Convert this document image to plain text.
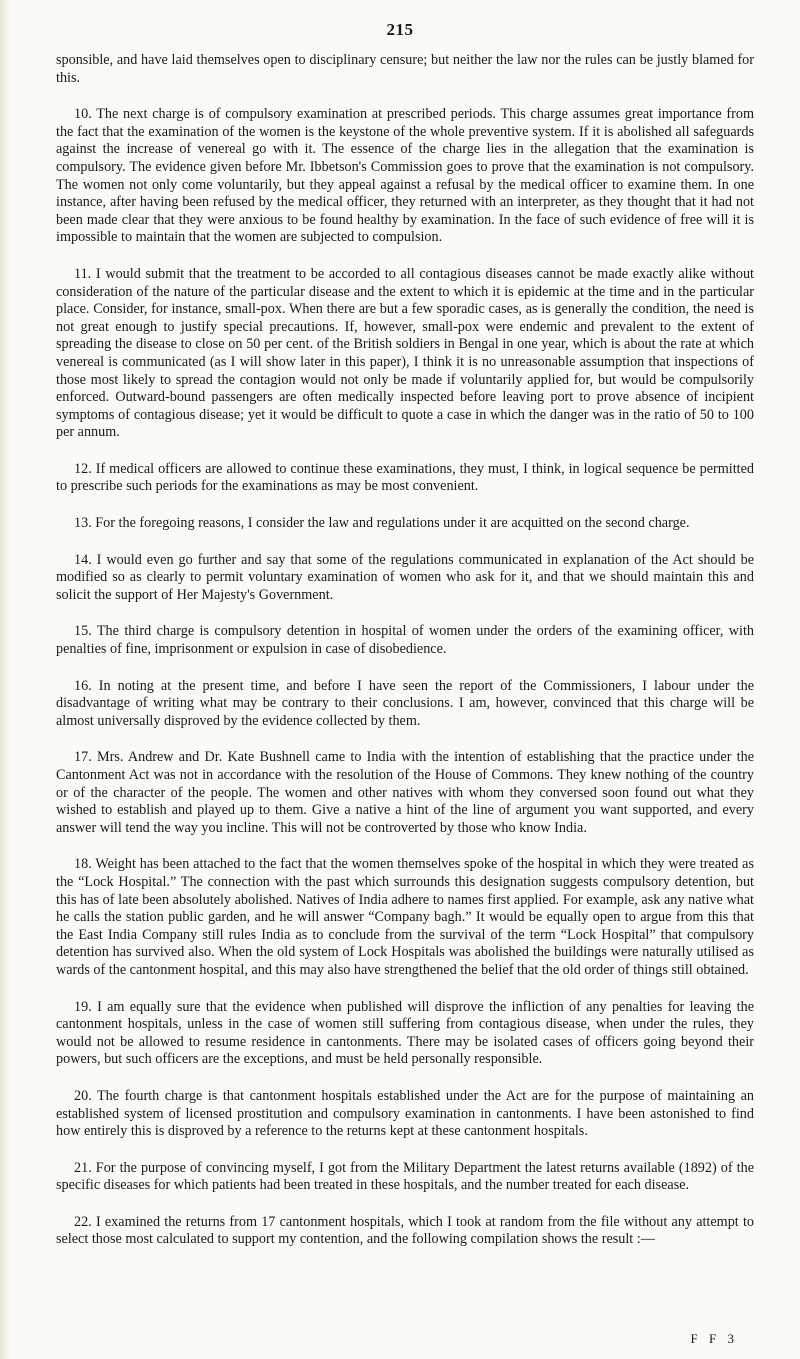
215

sponsible, and have laid themselves open to disciplinary censure; but neither the law nor the rules can be justly blamed for this.

10. The next charge is of compulsory examination at prescribed periods. This charge assumes great importance from the fact that the examination of the women is the keystone of the whole preventive system. If it is abolished all safeguards against the increase of venereal go with it. The essence of the charge lies in the allegation that the examination is compulsory. The evidence given before Mr. Ibbetson's Commission goes to prove that the examination is not compulsory. The women not only come voluntarily, but they appeal against a refusal by the medical officer to examine them. In one instance, after having been refused by the medical officer, they returned with an interpreter, as they thought that it had not been made clear that they were anxious to be found healthy by examination. In the face of such evidence of free will it is impossible to maintain that the women are subjected to compulsion.

11. I would submit that the treatment to be accorded to all contagious diseases cannot be made exactly alike without consideration of the nature of the particular disease and the extent to which it is epidemic at the time and in the particular place. Consider, for instance, small-pox. When there are but a few sporadic cases, as is generally the condition, the need is not great enough to justify special precautions. If, however, small-pox were endemic and prevalent to the extent of spreading the disease to close on 50 per cent. of the British soldiers in Bengal in one year, which is about the rate at which venereal is communicated (as I will show later in this paper), I think it is no unreasonable assumption that inspections of those most likely to spread the contagion would not only be made if voluntarily applied for, but would be compulsorily enforced. Outward-bound passengers are often medically inspected before leaving port to prove absence of incipient symptoms of contagious disease; yet it would be difficult to quote a case in which the danger was in the ratio of 50 to 100 per annum.

12. If medical officers are allowed to continue these examinations, they must, I think, in logical sequence be permitted to prescribe such periods for the examinations as may be most convenient.

13. For the foregoing reasons, I consider the law and regulations under it are acquitted on the second charge.

14. I would even go further and say that some of the regulations communicated in explanation of the Act should be modified so as clearly to permit voluntary examination of women who ask for it, and that we should maintain this and solicit the support of Her Majesty's Government.

15. The third charge is compulsory detention in hospital of women under the orders of the examining officer, with penalties of fine, imprisonment or expulsion in case of disobedience.

16. In noting at the present time, and before I have seen the report of the Commissioners, I labour under the disadvantage of writing what may be contrary to their conclusions. I am, however, convinced that this charge will be almost universally disproved by the evidence collected by them.

17. Mrs. Andrew and Dr. Kate Bushnell came to India with the intention of establishing that the practice under the Cantonment Act was not in accordance with the resolution of the House of Commons. They knew nothing of the country or of the character of the people. The women and other natives with whom they conversed soon found out what they wished to establish and played up to them. Give a native a hint of the line of argument you want supported, and every answer will tend the way you incline. This will not be controverted by those who know India.

18. Weight has been attached to the fact that the women themselves spoke of the hospital in which they were treated as the “Lock Hospital.” The connection with the past which surrounds this designation suggests compulsory detention, but this has of late been absolutely abolished. Natives of India adhere to names first applied. For example, ask any native what he calls the station public garden, and he will answer “Company bagh.” It would be equally open to argue from this that the East India Company still rules India as to conclude from the survival of the term “Lock Hospital” that compulsory detention has survived also. When the old system of Lock Hospitals was abolished the buildings were naturally utilised as wards of the cantonment hospital, and this may also have strengthened the belief that the old order of things still obtained.

19. I am equally sure that the evidence when published will disprove the infliction of any penalties for leaving the cantonment hospitals, unless in the case of women still suffering from contagious disease, when under the rules, they would not be allowed to resume residence in cantonments. There may be isolated cases of officers going beyond their powers, but such officers are the exceptions, and must be held personally responsible.

20. The fourth charge is that cantonment hospitals established under the Act are for the purpose of maintaining an established system of licensed prostitution and compulsory examination in cantonments. I have been astonished to find how entirely this is disproved by a reference to the returns kept at these cantonment hospitals.

21. For the purpose of convincing myself, I got from the Military Department the latest returns available (1892) of the specific diseases for which patients had been treated in these hospitals, and the number treated for each disease.

22. I examined the returns from 17 cantonment hospitals, which I took at random from the file without any attempt to select those most calculated to support my contention, and the following compilation shows the result :—

F F 3
